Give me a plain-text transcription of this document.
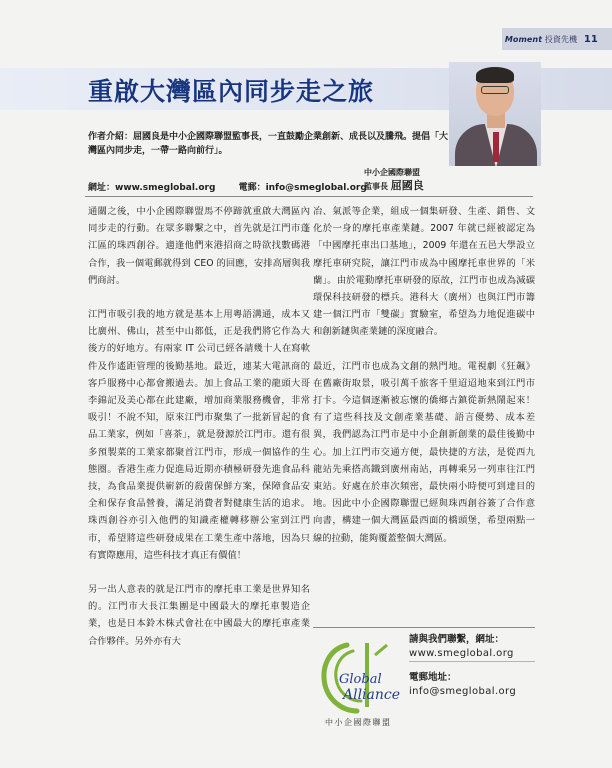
Moment 投資先機 11
重啟大灣區內同步走之旅
作者介紹：屈國良是中小企國際聯盟監事長，一直鼓勵企業創新、成長以及騰飛。提倡「大灣區內同步走，一帶一路向前行」。
網址：www.smeglobal.org	電郵：info@smeglobal.org
中小企國際聯盟
監事長 屈國良

通關之後，中小企國際聯盟馬不停蹄就重啟大灣區內同步走的行動。在眾多聯繫之中，首先就是江門市蓬江區的珠西創谷。適逢他們來港招商之時欲找數碼港合作，我一個電郵就得到 CEO 的回應，安排高層與我們商討。

江門市吸引我的地方就是基本上用粵語溝通，成本又比廣州、佛山，甚至中山都低，正是我們將它作為大後方的好地方。有兩家 IT 公司已經各請幾十人在寫軟件及作遙距管理的後勤基地。最近，連某大電訊商的客戶服務中心都會搬過去。加上食品工業的龍頭大哥李錦記及美心都在此建廠，增加商業服務機會，非常吸引！不說不知，原來江門市聚集了一批新冒起的食品工業家，例如「喜茶」，就是發源於江門市。還有很多預製菜的工業家都聚首江門市，形成一個協作的生態圈。香港生產力促進局近期亦積極研發先進食品科技，為食品業提供嶄新的殺菌保鮮方案，保障食品安全和保存食品營養，滿足消費者對健康生活的追求。珠西創谷亦引入他們的知識產權轉移辦公室到江門市，希望將這些研發成果在工業生產中落地，因為只有實際應用，這些科技才真正有價值！

另一出人意表的就是江門市的摩托車工業是世界知名的。江門市大長江集團是中國最大的摩托車製造企業，也是日本鈴木株式會社在中國最大的摩托車產業 合作夥伴。另外亦有大

冶、氣派等企業，組成一個集研發、生產、銷售、文化於一身的摩托車產業鏈。2007 年就已經被認定為「中國摩托車出口基地」，2009 年還在五邑大學設立摩托車研究院，讓江門市成為中國摩托車世界的「米蘭」。由於電動摩托車研發的原故，江門市也成為減碳環保科技研發的標兵。港科大（廣州）也與江門市籌建一個江門市「雙碳」實驗室，希望為力地促進碳中和創新鏈與產業鏈的深度融合。

最近，江門市也成為文創的熱門地。電視劇《狂飆》在舊廠街取景，吸引萬千旅客千里迢迢地來到江門市打卡。今這個逐漸被忘懷的僑鄉古鎮從新熱鬧起來！有了這些科技及文創產業基礎、語言優勢、成本差異，我們認為江門市是中小企創新創業的最佳後勤中心。加上江門市交通方便，最快捷的方法，是從西九龍站先乘搭高鐵到廣州南站，再轉乘另一列車往江門東站。好處在於車次頻密，最快兩小時便可到達目的地。因此中小企國際聯盟已經與珠西創谷簽了合作意向書，構建一個大灣區最西面的橋頭堡，希望兩點一線的拉動，能夠覆蓋整個大灣區。

Global
Alliance
中小企國際聯盟
請與我們聯繫，網址：
www.smeglobal.org
電郵地址：
info@smeglobal.org
